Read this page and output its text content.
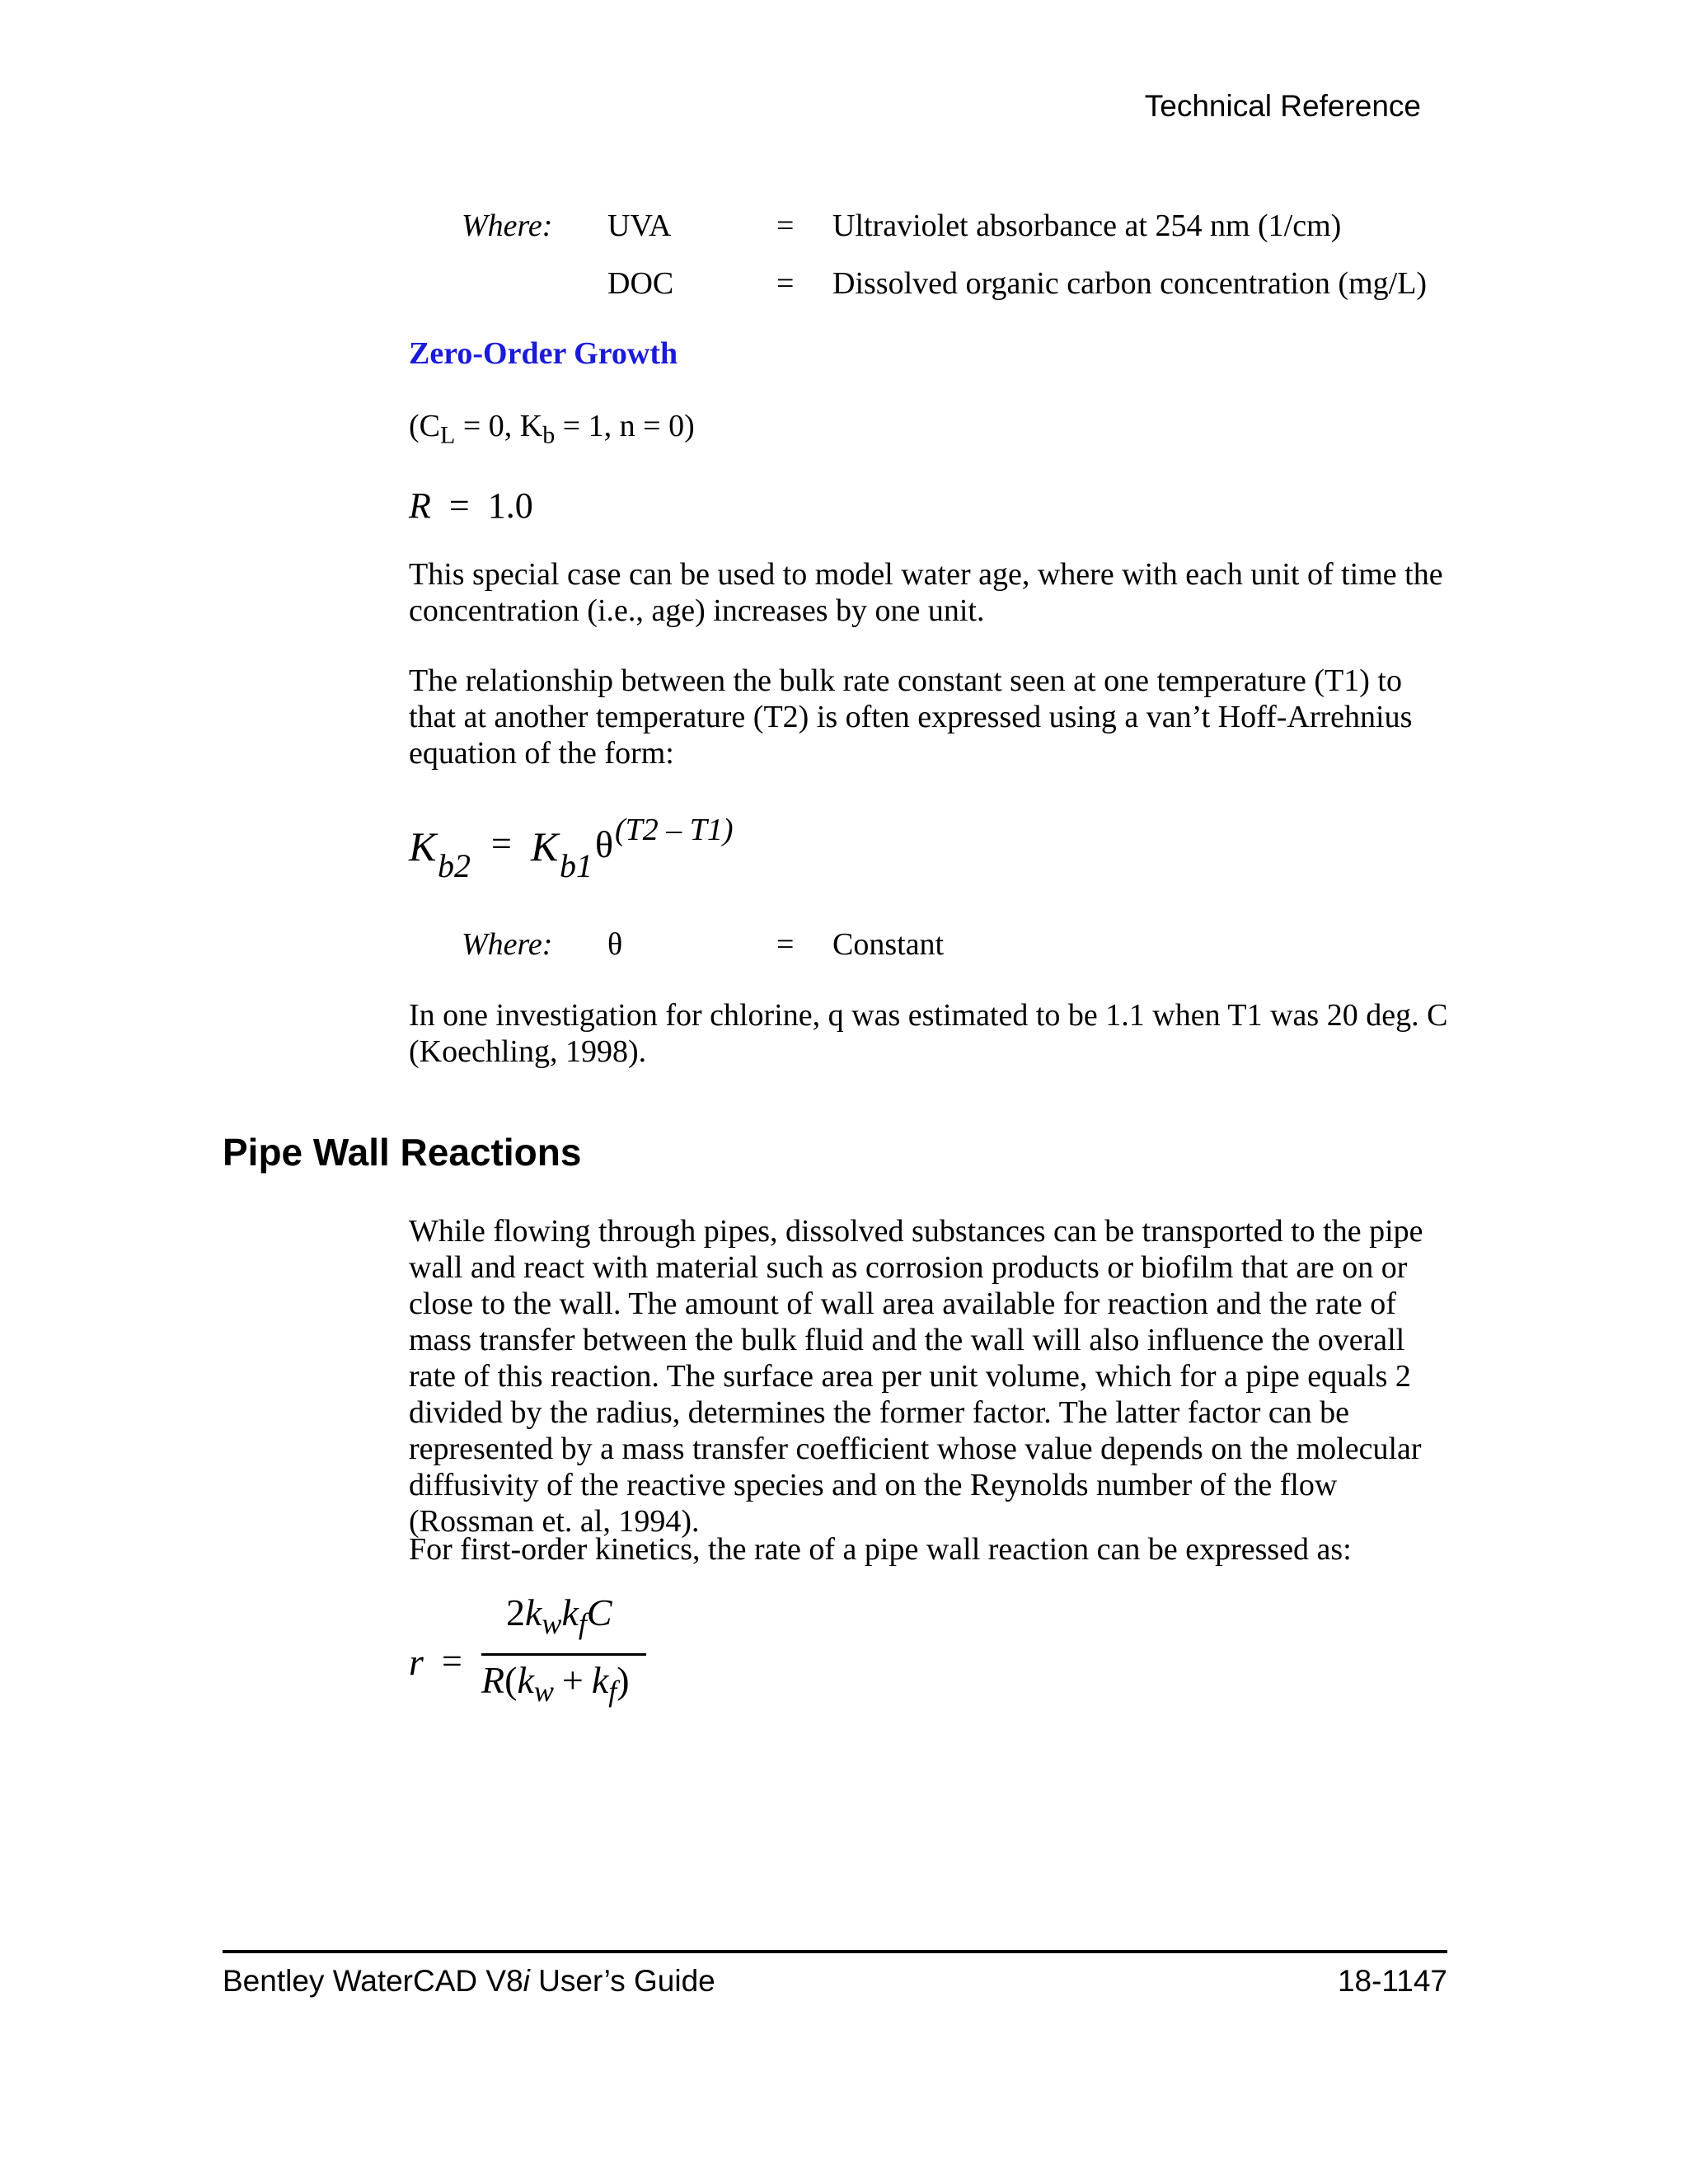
Technical Reference
Where: UVA	= Ultraviolet absorbance at 254 nm (1/cm)
DOC	= Dissolved organic carbon concentration (mg/L)
Zero-Order Growth
($C_L = 0$, $K_b = 1$, n = 0)
R = 1.0
This special case can be used to model water age, where with each unit of time the concentration (i.e., age) increases by one unit.
The relationship between the bulk rate constant seen at one temperature (T1) to that at another temperature (T2) is often expressed using a van’t Hoff-Arrehnius equation of the form:
K b2
= K b1
θ (T2 – T1)
Where: θ	= Constant
In one investigation for chlorine, q was estimated to be 1.1 when T1 was 20 deg. C (Koechling, 1998).
Pipe Wall Reactions
While flowing through pipes, dissolved substances can be transported to the pipe wall and react with material such as corrosion products or biofilm that are on or close to the wall. The amount of wall area available for reaction and the rate of mass transfer between the bulk fluid and the wall will also influence the overall rate of this reaction. The surface area per unit volume, which for a pipe equals 2 divided by the radius, determines the former factor. The latter factor can be represented by a mass transfer coefficient whose value depends on the molecular diffusivity of the reactive species and on the Reynolds number of the flow (Rossman et. al, 1994).
For first-order kinetics, the rate of a pipe wall reaction can be expressed as:
r =
$2k_wk_fC$
$R(k_w + k_f)$
Bentley WaterCAD V8i User’s Guide	18-1147
